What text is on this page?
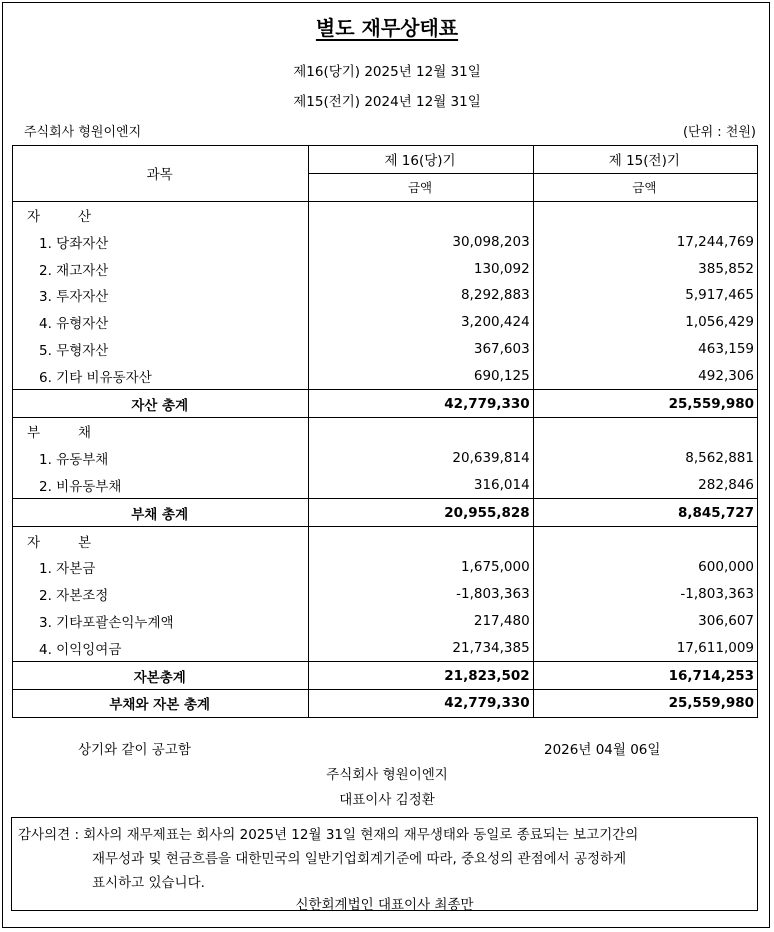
별도 재무상태표
제16(당기) 2025년 12월 31일
제15(전기) 2024년 12월 31일
주식회사 형원이엔지	(단위 : 천원)
과목	제 16(당)기	제 15(전)기
	금액	금액
자 산		
1. 당좌자산	30,098,203	17,244,769
2. 재고자산	130,092	385,852
3. 투자자산	8,292,883	5,917,465
4. 유형자산	3,200,424	1,056,429
5. 무형자산	367,603	463,159
6. 기타 비유동자산	690,125	492,306
자산 총계	42,779,330	25,559,980
부 채		
1. 유동부채	20,639,814	8,562,881
2. 비유동부채	316,014	282,846
부채 총계	20,955,828	8,845,727
자 본		
1. 자본금	1,675,000	600,000
2. 자본조정	-1,803,363	-1,803,363
3. 기타포괄손익누계액	217,480	306,607
4. 이익잉여금	21,734,385	17,611,009
자본총계	21,823,502	16,714,253
부채와 자본 총계	42,779,330	25,559,980
상기와 같이 공고함	2026년 04월 06일
주식회사 형원이엔지
대표이사 김정환
감사의견 : 회사의 재무제표는 회사의 2025년 12월 31일 현재의 재무생태와 동일로 종료되는 보고기간의
재무성과 및 현금흐름을 대한민국의 일반기업회계기준에 따라, 중요성의 관점에서 공정하게
표시하고 있습니다.
신한회계법인 대표이사 최종만
